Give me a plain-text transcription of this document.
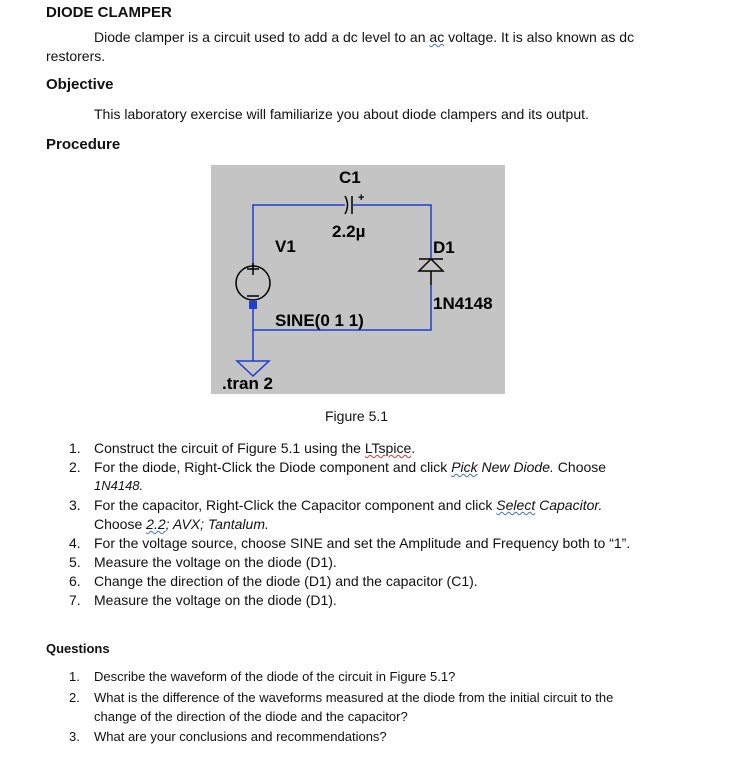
DIODE CLAMPER
Diode clamper is a circuit used to add a dc level to an ac voltage. It is also known as dc
restorers.
Objective
This laboratory exercise will familiarize you about diode clampers and its output.
Procedure
+
C1
2.2µ
V1
SINE(0 1 1)
D1
1N4148
.tran 2
Figure 5.1
1. Construct the circuit of Figure 5.1 using the LTspice.
2. For the diode, Right-Click the Diode component and click Pick New Diode. Choose
1N4148.
3. For the capacitor, Right-Click the Capacitor component and click Select Capacitor.
Choose 2.2; AVX; Tantalum.
4. For the voltage source, choose SINE and set the Amplitude and Frequency both to “1”.
5. Measure the voltage on the diode (D1).
6. Change the direction of the diode (D1) and the capacitor (C1).
7. Measure the voltage on the diode (D1).
Questions
1. Describe the waveform of the diode of the circuit in Figure 5.1?
2. What is the difference of the waveforms measured at the diode from the initial circuit to the
change of the direction of the diode and the capacitor?
3. What are your conclusions and recommendations?
